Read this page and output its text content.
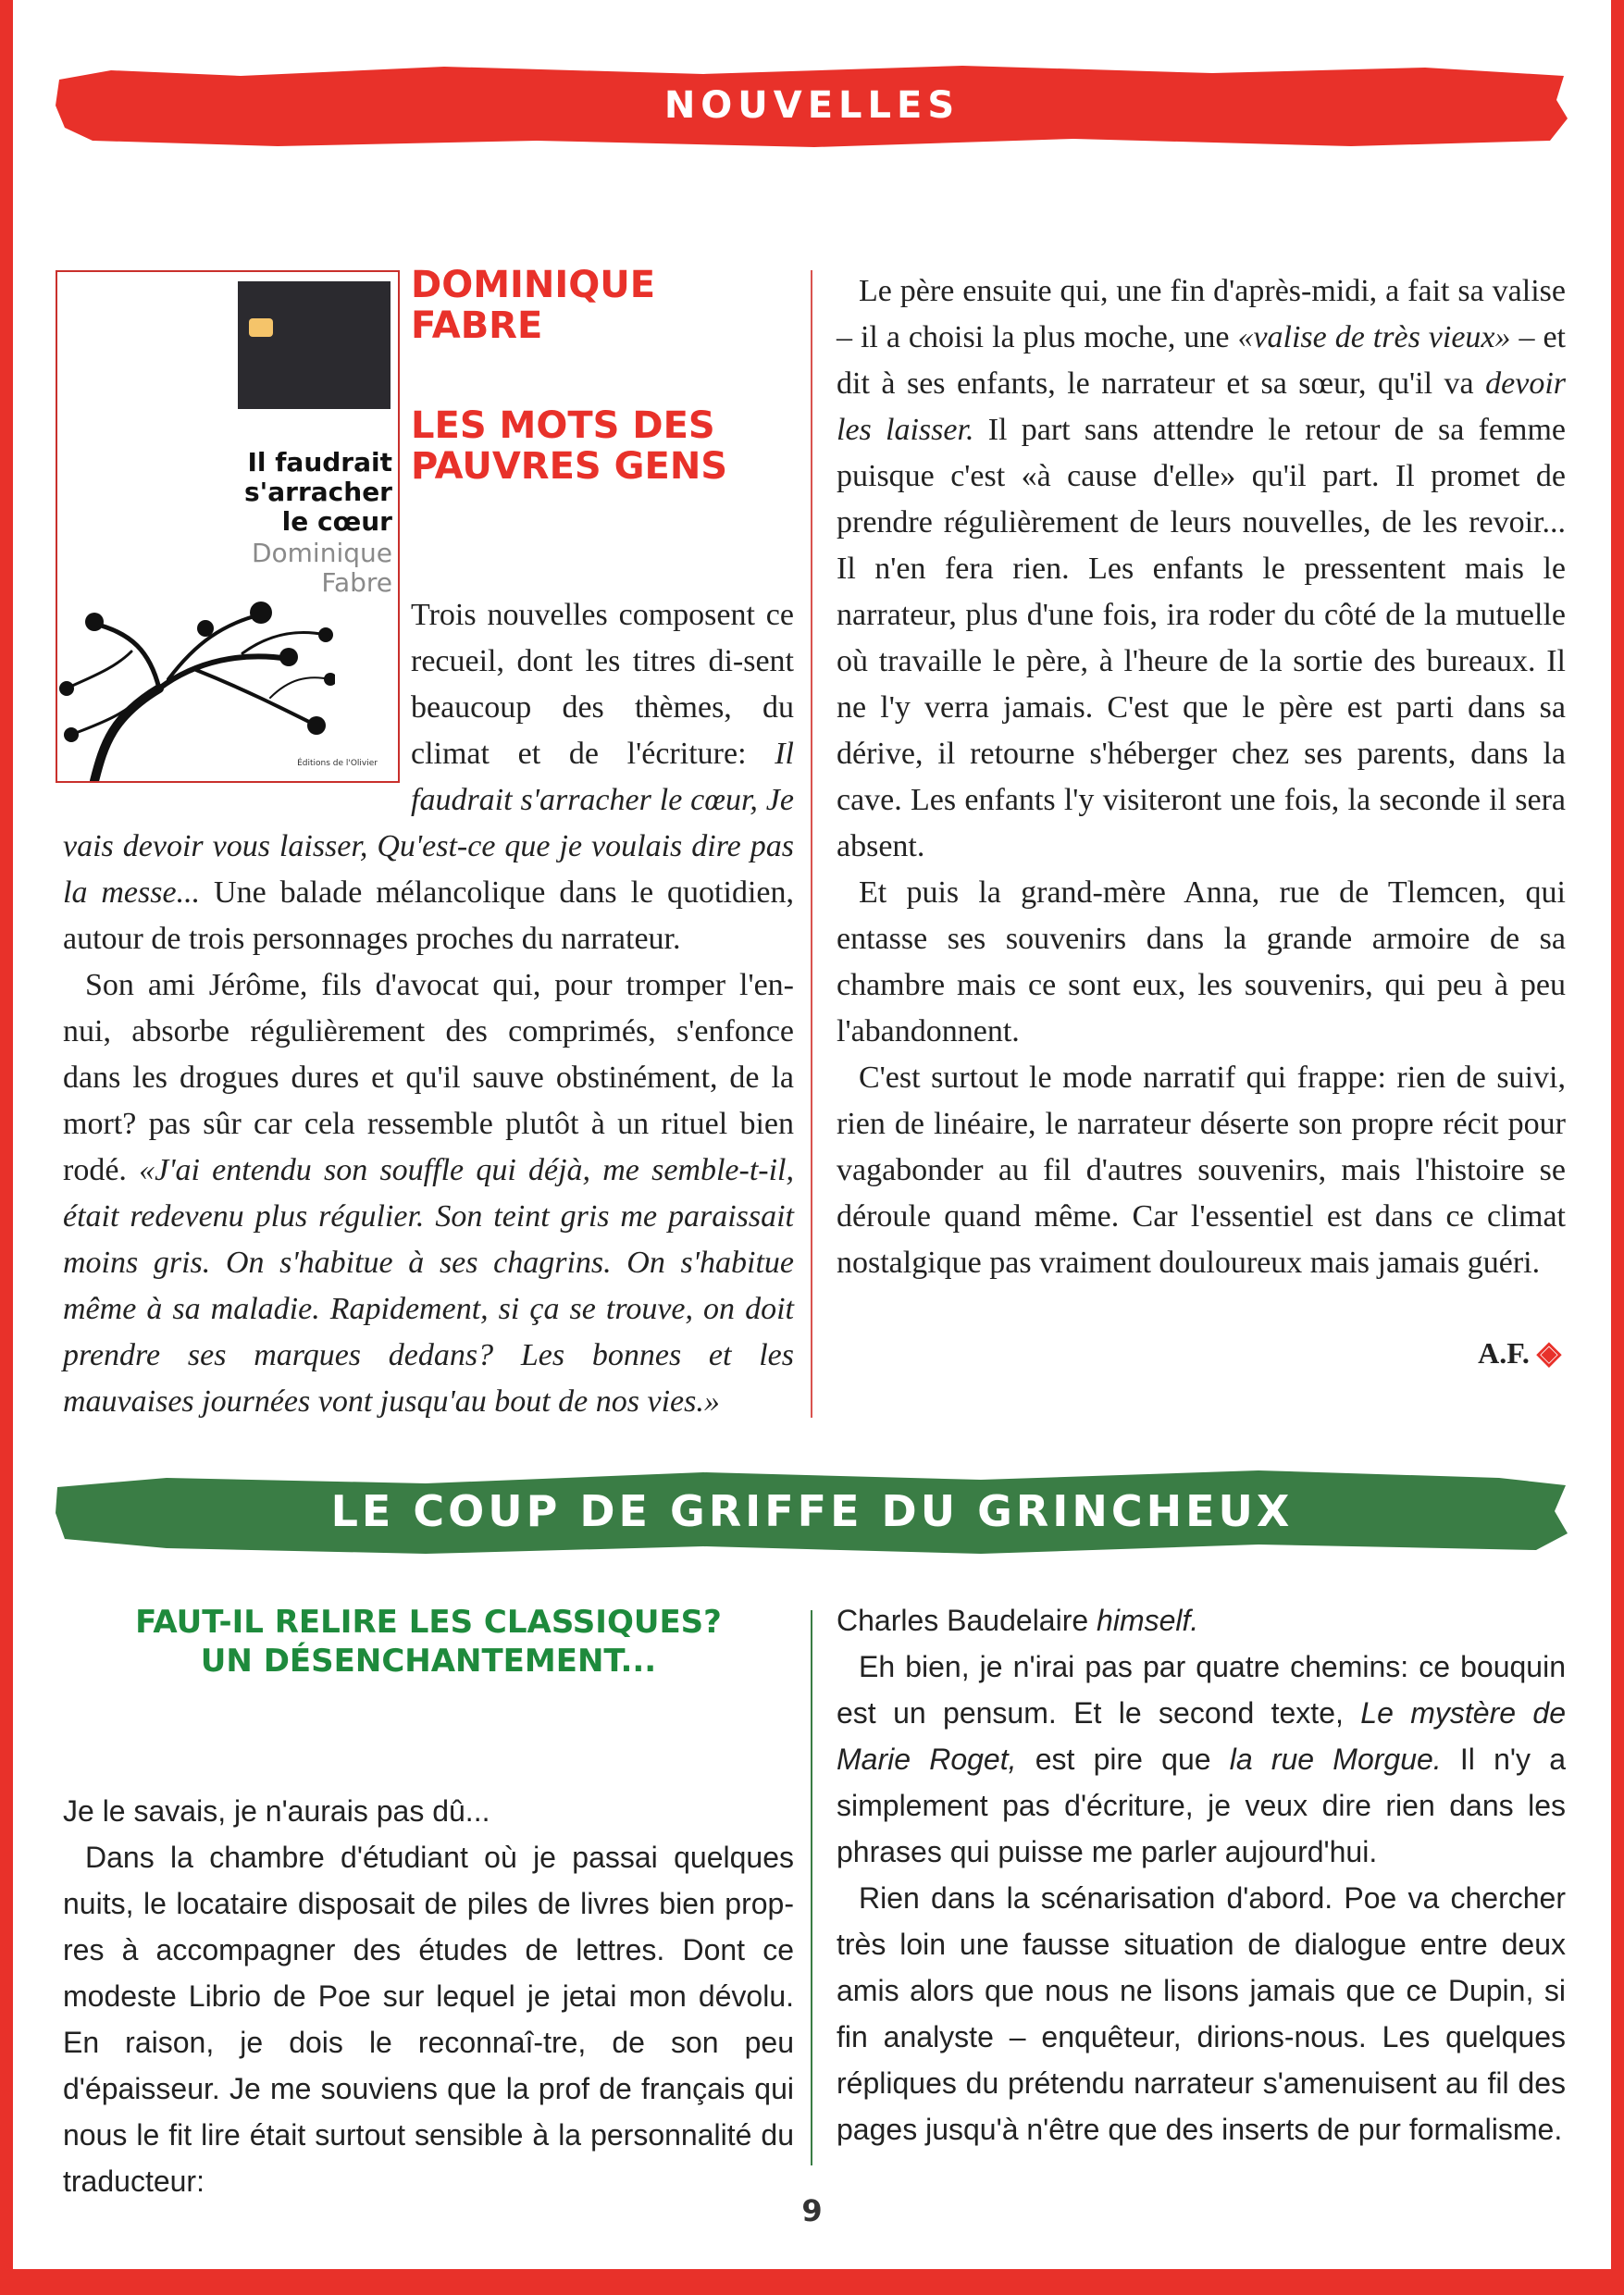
NOUVELLES
Il faudrait
s'arracher
le cœur
Dominique
Fabre
Éditions de l'Olivier
DOMINIQUE
FABRE
LES MOTS DES
PAUVRES GENS

Trois nouvelles composent ce recueil, dont les titres di-sent beaucoup des thèmes, du climat et de l'écriture: Il faudrait s'arracher le cœur, Je vais devoir vous laisser, Qu'est-ce que je voulais dire pas la messe... Une balade mélancolique dans le quotidien, autour de trois personnages proches du narrateur.

Son ami Jérôme, fils d'avocat qui, pour tromper l'en-nui, absorbe régulièrement des comprimés, s'enfonce dans les drogues dures et qu'il sauve obstinément, de la mort? pas sûr car cela ressemble plutôt à un rituel bien rodé. «J'ai entendu son souffle qui déjà, me semble-t-il, était redevenu plus régulier. Son teint gris me paraissait moins gris. On s'habitue à ses chagrins. On s'habitue même à sa maladie. Rapidement, si ça se trouve, on doit prendre ses marques dedans? Les bonnes et les mauvaises journées vont jusqu'au bout de nos vies.»

Le père ensuite qui, une fin d'après-midi, a fait sa valise – il a choisi la plus moche, une «valise de très vieux» – et dit à ses enfants, le narrateur et sa sœur, qu'il va devoir les laisser. Il part sans attendre le retour de sa femme puisque c'est «à cause d'elle» qu'il part. Il promet de prendre régulièrement de leurs nouvelles, de les revoir... Il n'en fera rien. Les enfants le pressentent mais le narrateur, plus d'une fois, ira roder du côté de la mutuelle où travaille le père, à l'heure de la sortie des bureaux. Il ne l'y verra jamais. C'est que le père est parti dans sa dérive, il retourne s'héberger chez ses parents, dans la cave. Les enfants l'y visiteront une fois, la seconde il sera absent.

Et puis la grand-mère Anna, rue de Tlemcen, qui entasse ses souvenirs dans la grande armoire de sa chambre mais ce sont eux, les souvenirs, qui peu à peu l'abandonnent.

C'est surtout le mode narratif qui frappe: rien de suivi, rien de linéaire, le narrateur déserte son propre récit pour vagabonder au fil d'autres souvenirs, mais l'histoire se déroule quand même. Car l'essentiel est dans ce climat nostalgique pas vraiment douloureux mais jamais guéri.

A.F. ◈
LE COUP DE GRIFFE DU GRINCHEUX
FAUT-IL RELIRE LES CLASSIQUES?
UN DÉSENCHANTEMENT...

Je le savais, je n'aurais pas dû...

Dans la chambre d'étudiant où je passai quelques nuits, le locataire disposait de piles de livres bien prop-res à accompagner des études de lettres. Dont ce modeste Librio de Poe sur lequel je jetai mon dévolu. En raison, je dois le reconnaî-tre, de son peu d'épaisseur. Je me souviens que la prof de français qui nous le fit lire était surtout sensible à la personnalité du traducteur:

Charles Baudelaire himself.

Eh bien, je n'irai pas par quatre chemins: ce bouquin est un pensum. Et le second texte, Le mystère de Marie Roget, est pire que la rue Morgue. Il n'y a simplement pas d'écriture, je veux dire rien dans les phrases qui puisse me parler aujourd'hui.

Rien dans la scénarisation d'abord. Poe va chercher très loin une fausse situation de dialogue entre deux amis alors que nous ne lisons jamais que ce Dupin, si fin analyste – enquêteur, dirions-nous. Les quelques répliques du prétendu narrateur s'amenuisent au fil des pages jusqu'à n'être que des inserts de pur formalisme.

9
